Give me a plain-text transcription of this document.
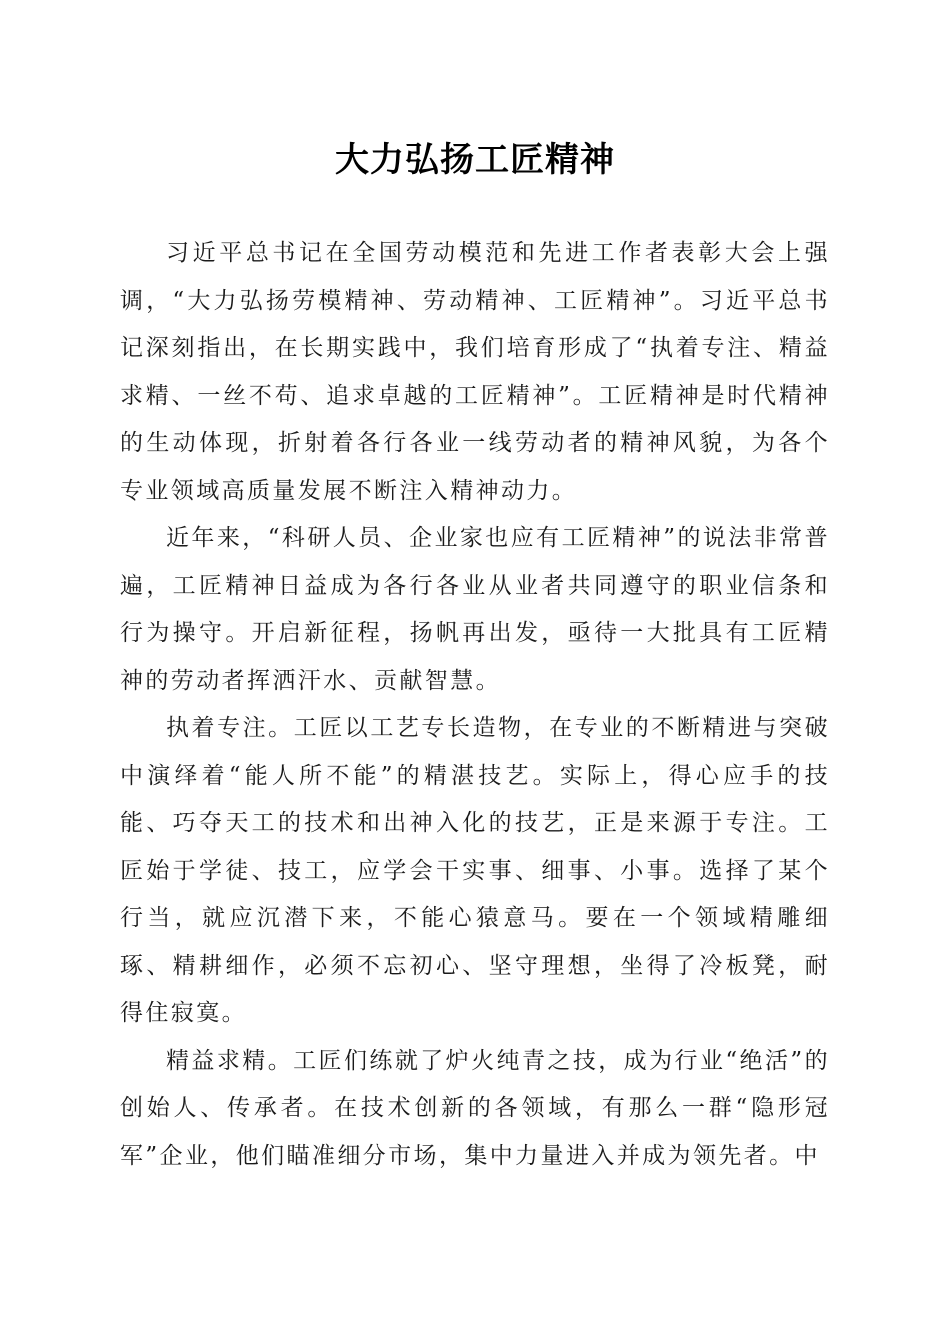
大力弘扬工匠精神

习近平总书记在全国劳动模范和先进工作者表彰大会上强调，“大力弘扬劳模精神、劳动精神、工匠精神”。习近平总书记深刻指出，在长期实践中，我们培育形成了“执着专注、精益求精、一丝不苟、追求卓越的工匠精神”。工匠精神是时代精神的生动体现，折射着各行各业一线劳动者的精神风貌，为各个专业领域高质量发展不断注入精神动力。

近年来，“科研人员、企业家也应有工匠精神”的说法非常普遍，工匠精神日益成为各行各业从业者共同遵守的职业信条和行为操守。开启新征程，扬帆再出发，亟待一大批具有工匠精神的劳动者挥洒汗水、贡献智慧。

执着专注。工匠以工艺专长造物，在专业的不断精进与突破中演绎着“能人所不能”的精湛技艺。实际上，得心应手的技能、巧夺天工的技术和出神入化的技艺，正是来源于专注。工匠始于学徒、技工，应学会干实事、细事、小事。选择了某个行当，就应沉潜下来，不能心猿意马。要在一个领域精雕细琢、精耕细作，必须不忘初心、坚守理想，坐得了冷板凳，耐得住寂寞。

精益求精。工匠们练就了炉火纯青之技，成为行业“绝活”的创始人、传承者。在技术创新的各领域，有那么一群“隐形冠军”企业，他们瞄准细分市场，集中力量进入并成为领先者。中
